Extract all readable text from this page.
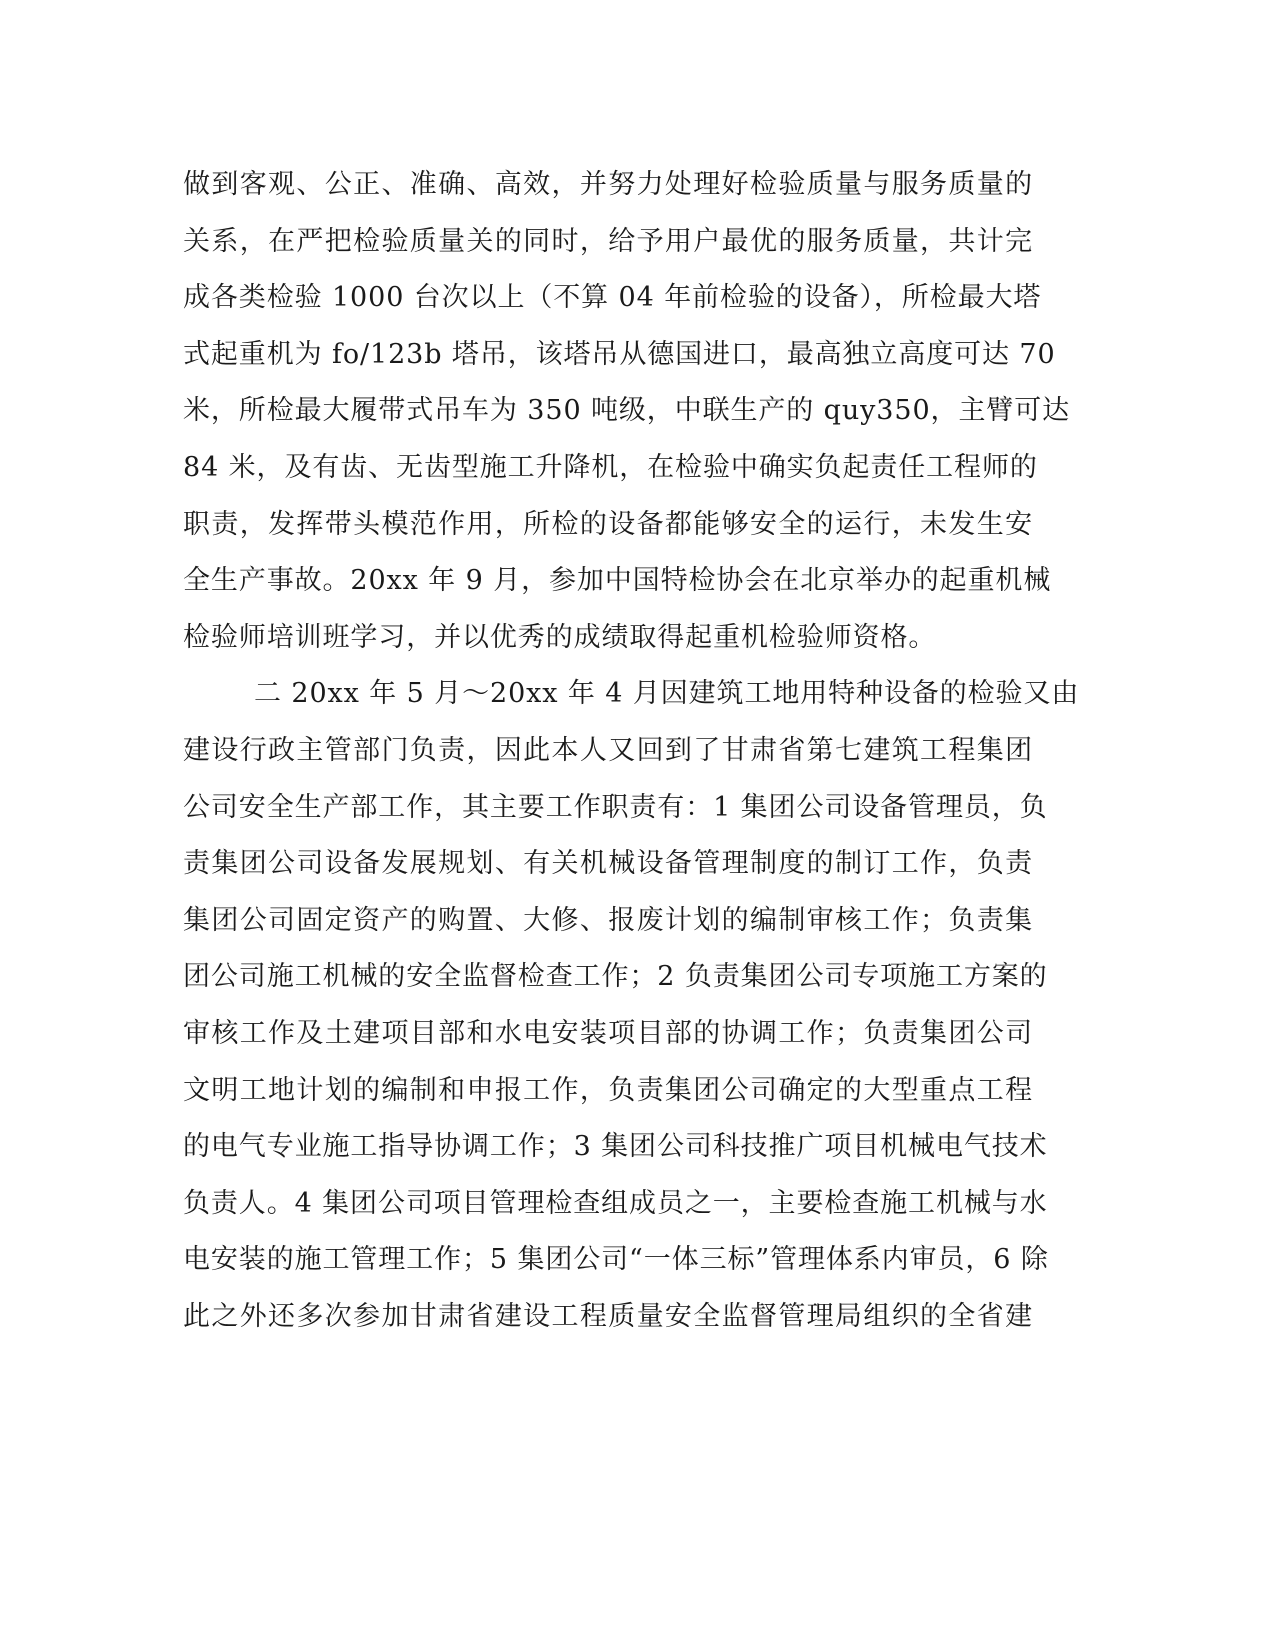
做到客观、公正、准确、高效，并努力处理好检验质量与服务质量的
关系，在严把检验质量关的同时，给予用户最优的服务质量，共计完
成各类检验 1000 台次以上（不算 04 年前检验的设备），所检最大塔
式起重机为 fo/123b 塔吊，该塔吊从德国进口，最高独立高度可达 70
米，所检最大履带式吊车为 350 吨级，中联生产的 quy350，主臂可达
84 米，及有齿、无齿型施工升降机，在检验中确实负起责任工程师的
职责，发挥带头模范作用，所检的设备都能够安全的运行，未发生安
全生产事故。20xx 年 9 月，参加中国特检协会在北京举办的起重机械
检验师培训班学习，并以优秀的成绩取得起重机检验师资格。
二 20xx 年 5 月～20xx 年 4 月因建筑工地用特种设备的检验又由
建设行政主管部门负责，因此本人又回到了甘肃省第七建筑工程集团
公司安全生产部工作，其主要工作职责有：1 集团公司设备管理员，负
责集团公司设备发展规划、有关机械设备管理制度的制订工作，负责
集团公司固定资产的购置、大修、报废计划的编制审核工作；负责集
团公司施工机械的安全监督检查工作；2 负责集团公司专项施工方案的
审核工作及土建项目部和水电安装项目部的协调工作；负责集团公司
文明工地计划的编制和申报工作，负责集团公司确定的大型重点工程
的电气专业施工指导协调工作；3 集团公司科技推广项目机械电气技术
负责人。4 集团公司项目管理检查组成员之一，主要检查施工机械与水
电安装的施工管理工作；5 集团公司“一体三标”管理体系内审员，6 除
此之外还多次参加甘肃省建设工程质量安全监督管理局组织的全省建
